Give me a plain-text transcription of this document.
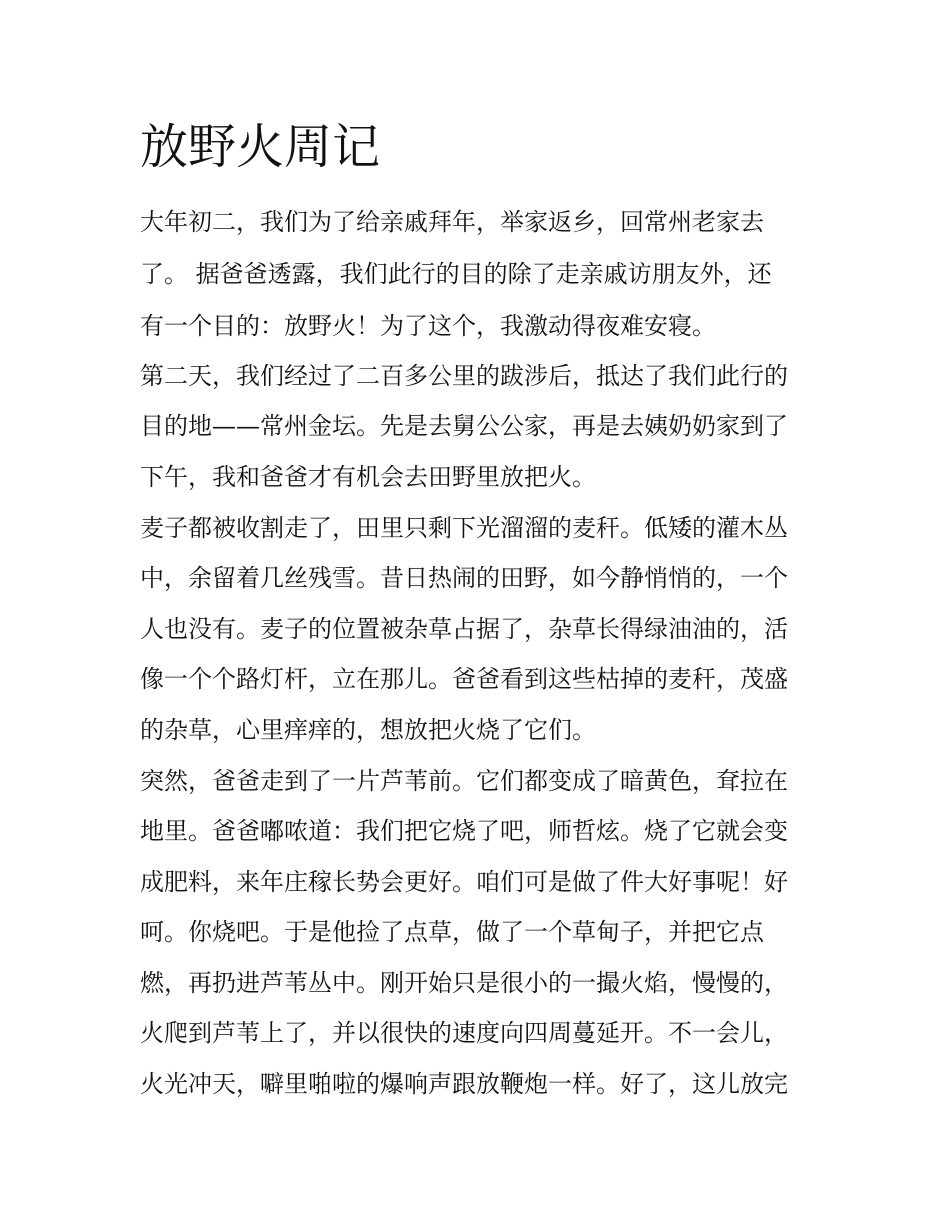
放野火周记

大年初二，我们为了给亲戚拜年，举家返乡，回常州老家去

了。 据爸爸透露，我们此行的目的除了走亲戚访朋友外，还

有一个目的：放野火！为了这个，我激动得夜难安寝。

第二天，我们经过了二百多公里的跋涉后，抵达了我们此行的

目的地——常州金坛。先是去舅公公家，再是去姨奶奶家到了

下午，我和爸爸才有机会去田野里放把火。

麦子都被收割走了，田里只剩下光溜溜的麦秆。低矮的灌木丛

中，余留着几丝残雪。昔日热闹的田野，如今静悄悄的，一个

人也没有。麦子的位置被杂草占据了，杂草长得绿油油的，活

像一个个路灯杆，立在那儿。爸爸看到这些枯掉的麦秆，茂盛

的杂草，心里痒痒的，想放把火烧了它们。

突然，爸爸走到了一片芦苇前。它们都变成了暗黄色，耷拉在

地里。爸爸嘟哝道：我们把它烧了吧，师哲炫。烧了它就会变

成肥料，来年庄稼长势会更好。咱们可是做了件大好事呢！好

呵。你烧吧。于是他捡了点草，做了一个草甸子，并把它点

燃，再扔进芦苇丛中。刚开始只是很小的一撮火焰，慢慢的，

火爬到芦苇上了，并以很快的速度向四周蔓延开。不一会儿，

火光冲天，噼里啪啦的爆响声跟放鞭炮一样。好了，这儿放完
